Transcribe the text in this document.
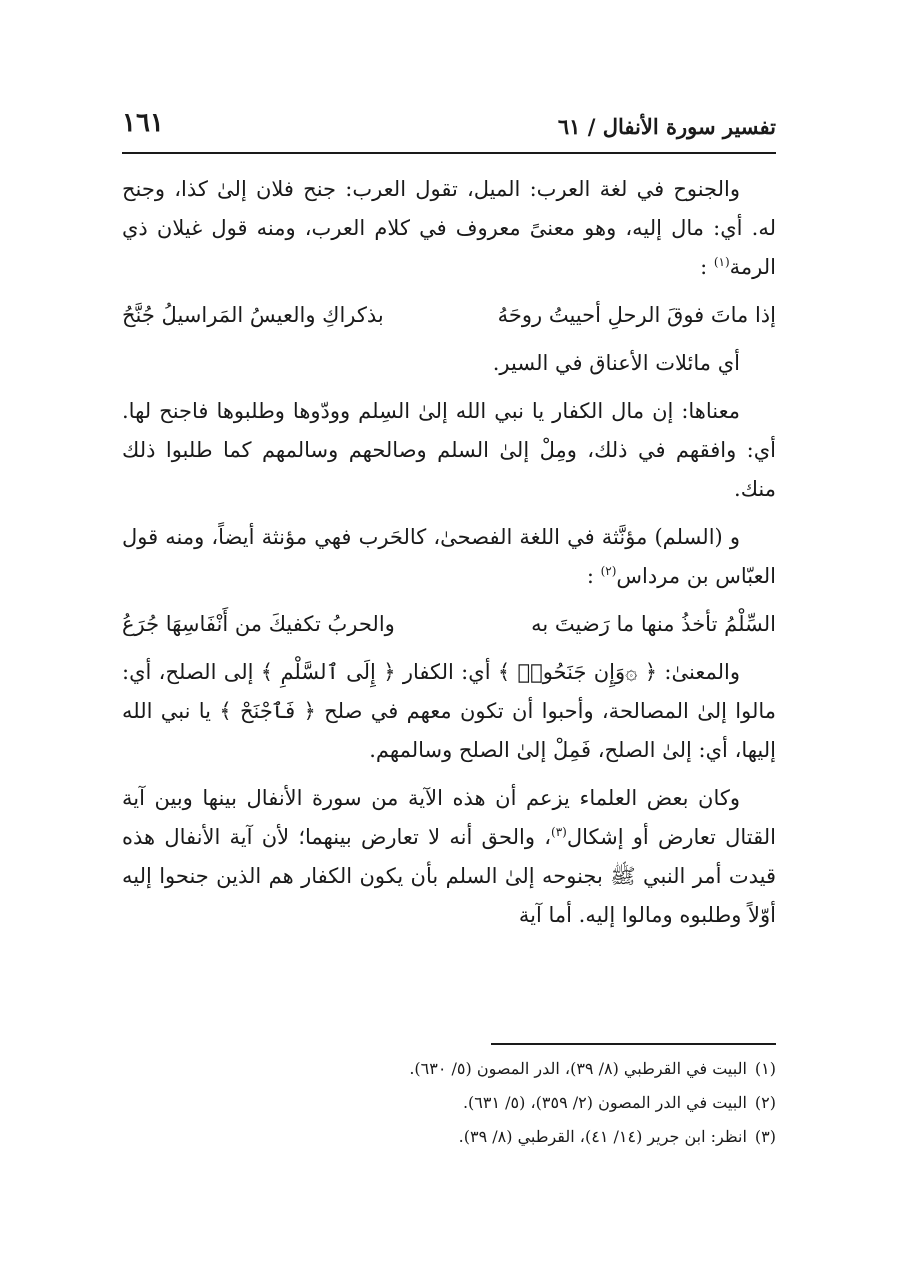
تفسير سورة الأنفال / ٦١
١٦١

والجنوح في لغة العرب: الميل، تقول العرب: جنح فلان إلىٰ كذا، وجنح له. أي: مال إليه، وهو معنىً معروف في كلام العرب، ومنه قول غيلان ذي الرمة$^{(١)}$ :

إذا ماتَ فوقَ الرحلِ أحييتُ روحَهُ
بذكراكِ والعيسُ المَراسيلُ جُنَّحُ

أي مائلات الأعناق في السير.

معناها: إن مال الكفار يا نبي الله إلىٰ السِلم وودّوها وطلبوها فاجنح لها. أي: وافقهم في ذلك، ومِلْ إلىٰ السلم وصالحهم وسالمهم كما طلبوا ذلك منك.

و (السلم) مؤنَّثة في اللغة الفصحىٰ، كالحَرب فهي مؤنثة أيضاً، ومنه قول العبّاس بن مرداس$^{(٢)}$ :

السِّلْمُ تأخذُ منها ما رَضيتَ به
والحربُ تكفيكَ من أَنْفَاسِهَا جُرَعُ

والمعنىٰ: ﴿ ۞وَإِن جَنَحُوا۟ ﴾ أي: الكفار ﴿ إِلَى ٱلسَّلْمِ ﴾ إلى الصلح، أي: مالوا إلىٰ المصالحة، وأحبوا أن تكون معهم في صلح ﴿ فَٱجْنَحْ ﴾ يا نبي الله إليها، أي: إلىٰ الصلح، فَمِلْ إلىٰ الصلح وسالمهم.

وكان بعض العلماء يزعم أن هذه الآية من سورة الأنفال بينها وبين آية القتال تعارض أو إشكال$^{(٣)}$، والحق أنه لا تعارض بينهما؛ لأن آية الأنفال هذه قيدت أمر النبي ﷺ بجنوحه إلىٰ السلم بأن يكون الكفار هم الذين جنحوا إليه أوّلاً وطلبوه ومالوا إليه. أما آية

(١)البيت في القرطبي (٨/ ٣٩)، الدر المصون (٥/ ٦٣٠).

(٢)البيت في الدر المصون (٢/ ٣٥٩)، (٥/ ٦٣١).

(٣)انظر: ابن جرير (١٤/ ٤١)، القرطبي (٨/ ٣٩).
